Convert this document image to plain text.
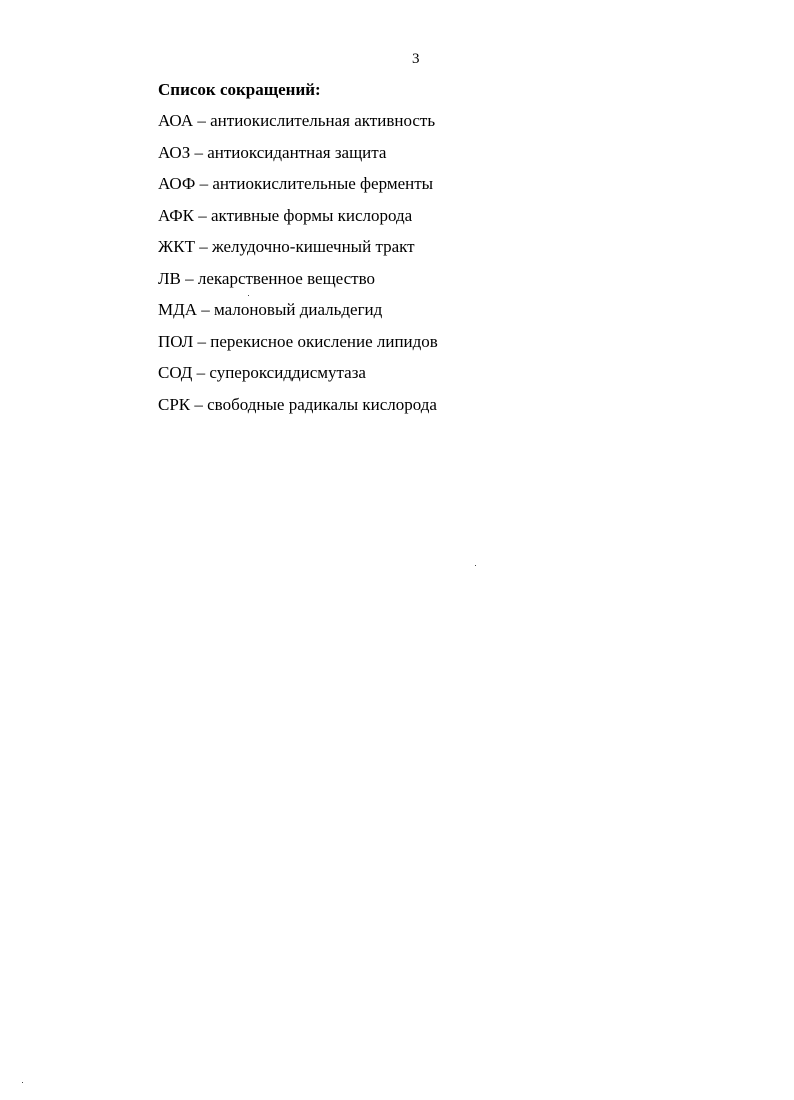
3
Список сокращений:
АОА – антиокислительная активность
АОЗ – антиоксидантная защита
АОФ – антиокислительные ферменты
АФК – активные формы кислорода
ЖКТ – желудочно-кишечный тракт
ЛВ – лекарственное вещество
МДА – малоновый диальдегид
ПОЛ – перекисное окисление липидов
СОД – супероксиддисмутаза
СРК – свободные радикалы кислорода
